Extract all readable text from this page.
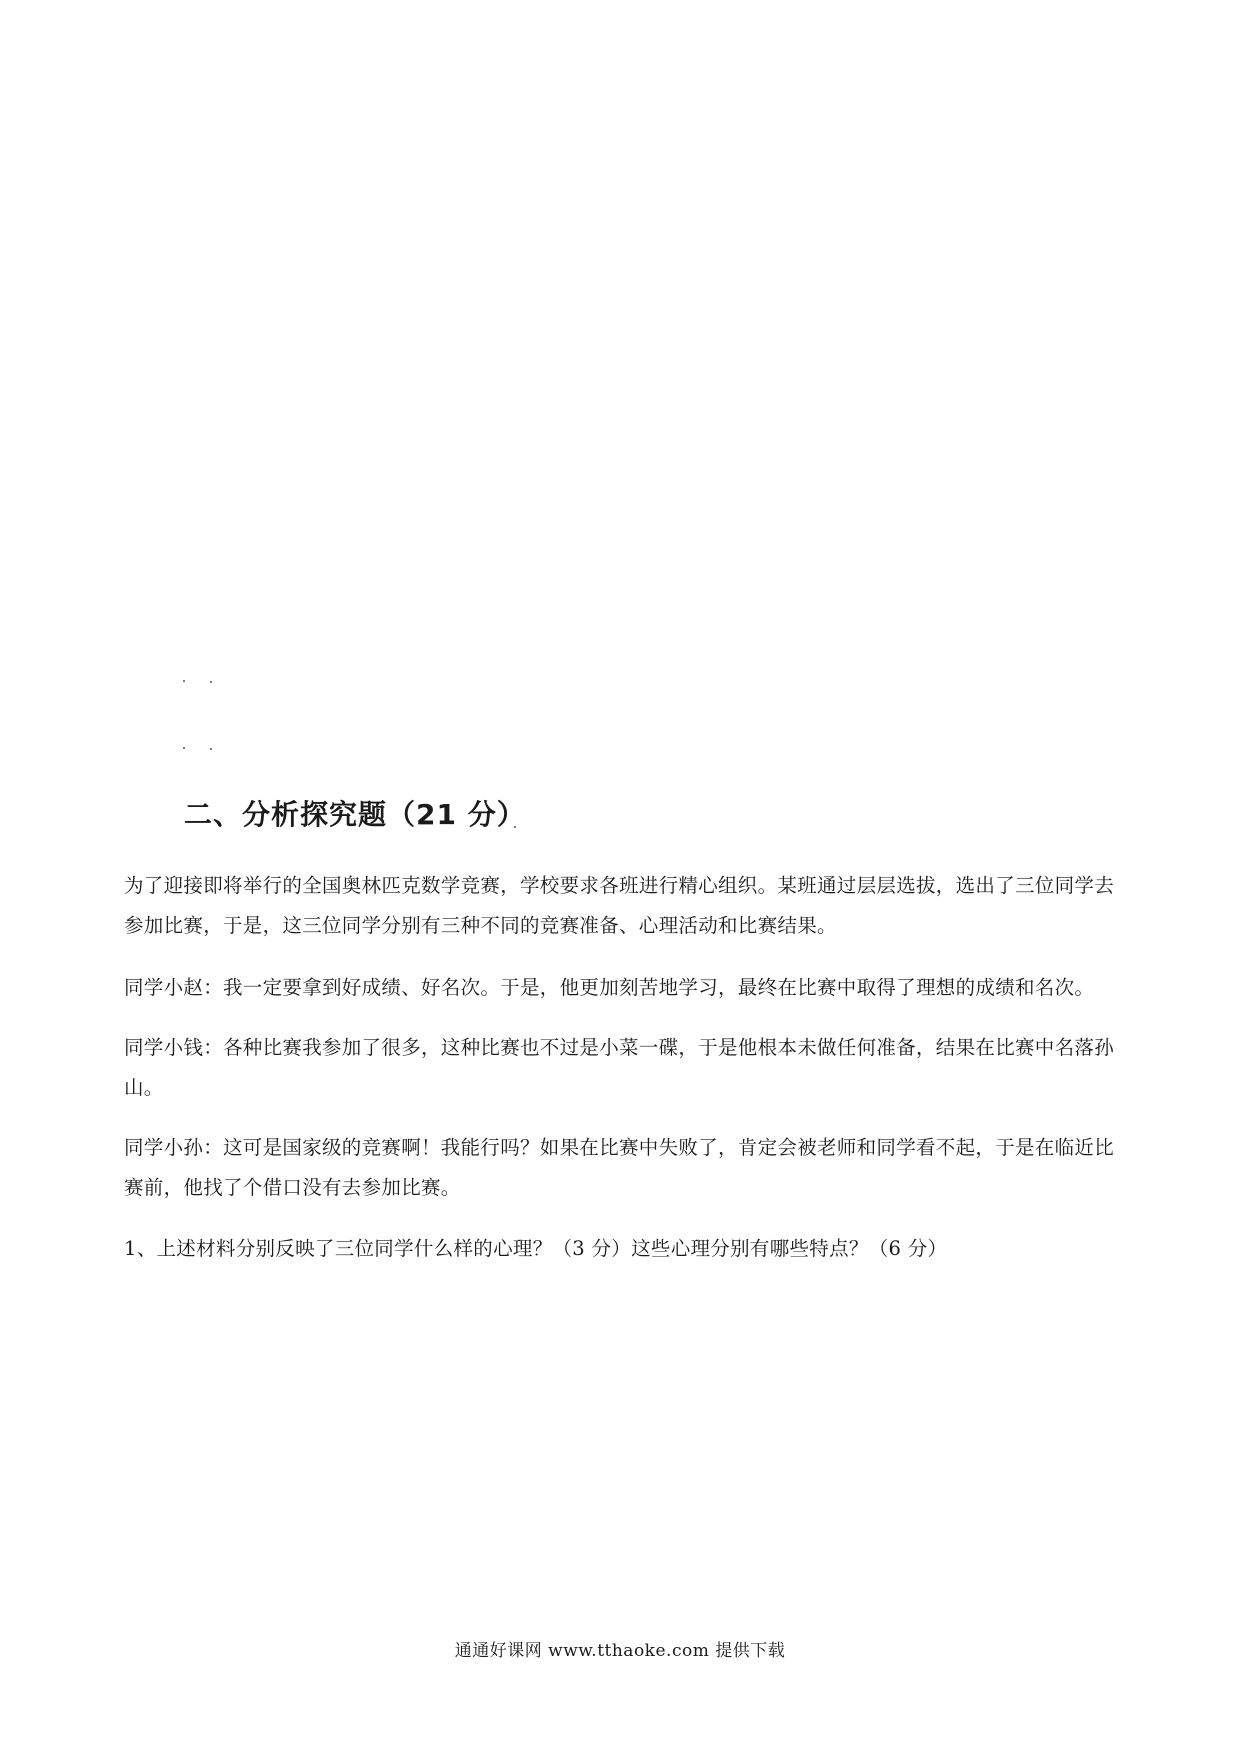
二、分析探究题（21 分）

为了迎接即将举行的全国奥林匹克数学竞赛，学校要求各班进行精心组织。某班通过层层选拔，选出了三位同学去参加比赛，于是，这三位同学分别有三种不同的竞赛准备、心理活动和比赛结果。

同学小赵：我一定要拿到好成绩、好名次。于是，他更加刻苦地学习，最终在比赛中取得了理想的成绩和名次。

同学小钱：各种比赛我参加了很多，这种比赛也不过是小菜一碟，于是他根本未做任何准备，结果在比赛中名落孙山。

同学小孙：这可是国家级的竞赛啊！我能行吗？如果在比赛中失败了，肯定会被老师和同学看不起，于是在临近比赛前，他找了个借口没有去参加比赛。

1、上述材料分别反映了三位同学什么样的心理？（3 分）这些心理分别有哪些特点？（6 分）

通通好课网 www.tthaoke.com 提供下载
